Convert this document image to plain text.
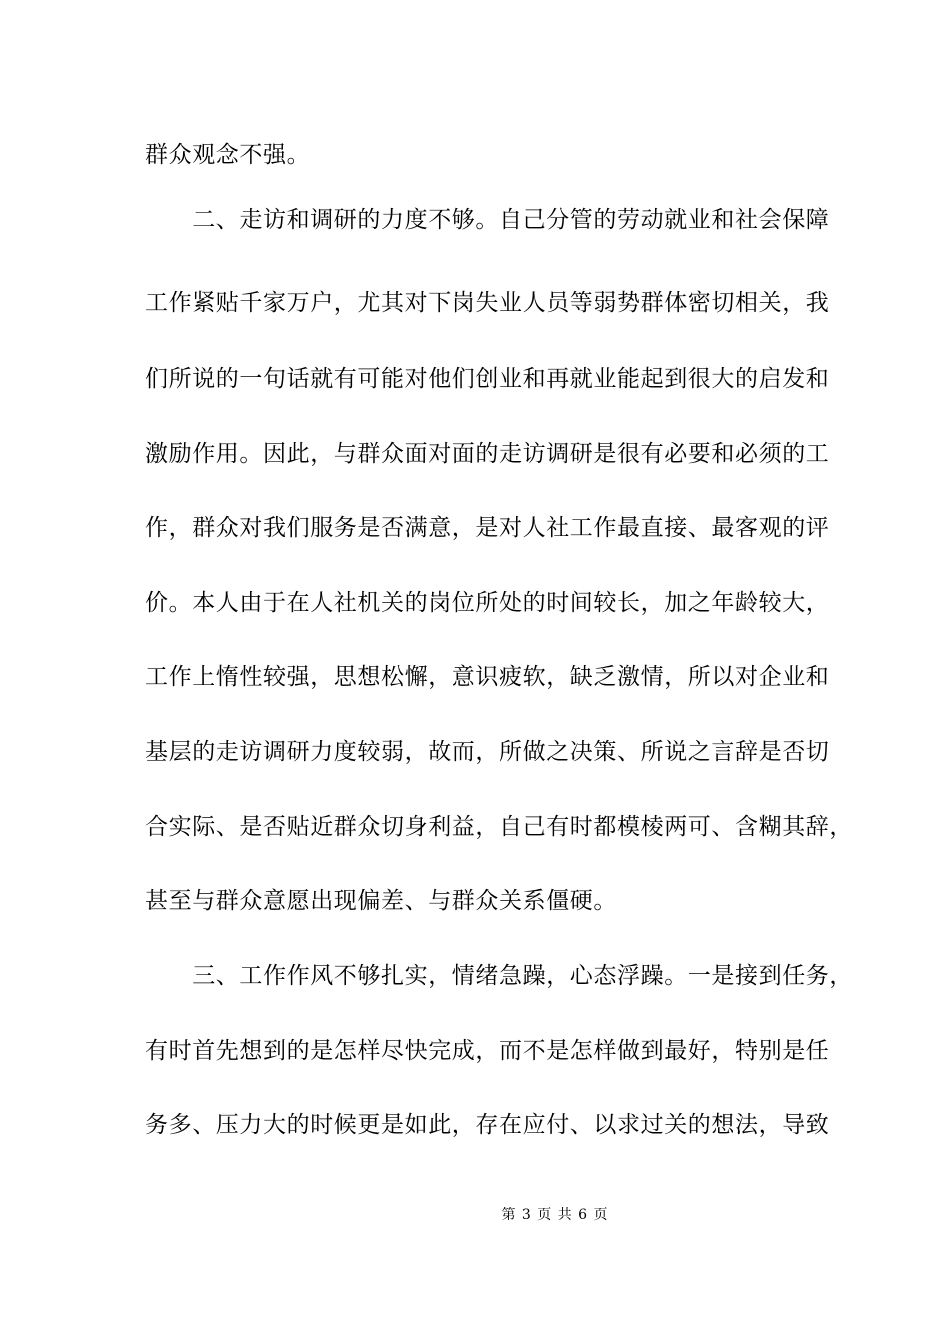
群众观念不强。
　　二、走访和调研的力度不够。自己分管的劳动就业和社会保障
工作紧贴千家万户，尤其对下岗失业人员等弱势群体密切相关，我
们所说的一句话就有可能对他们创业和再就业能起到很大的启发和
激励作用。因此，与群众面对面的走访调研是很有必要和必须的工
作，群众对我们服务是否满意，是对人社工作最直接、最客观的评
价。本人由于在人社机关的岗位所处的时间较长，加之年龄较大，
工作上惰性较强，思想松懈，意识疲软，缺乏激情，所以对企业和
基层的走访调研力度较弱，故而，所做之决策、所说之言辞是否切
合实际、是否贴近群众切身利益，自己有时都模棱两可、含糊其辞，
甚至与群众意愿出现偏差、与群众关系僵硬。
　　三、工作作风不够扎实，情绪急躁，心态浮躁。一是接到任务，
有时首先想到的是怎样尽快完成，而不是怎样做到最好，特别是任
务多、压力大的时候更是如此，存在应付、以求过关的想法，导致
第 3 页 共 6 页
